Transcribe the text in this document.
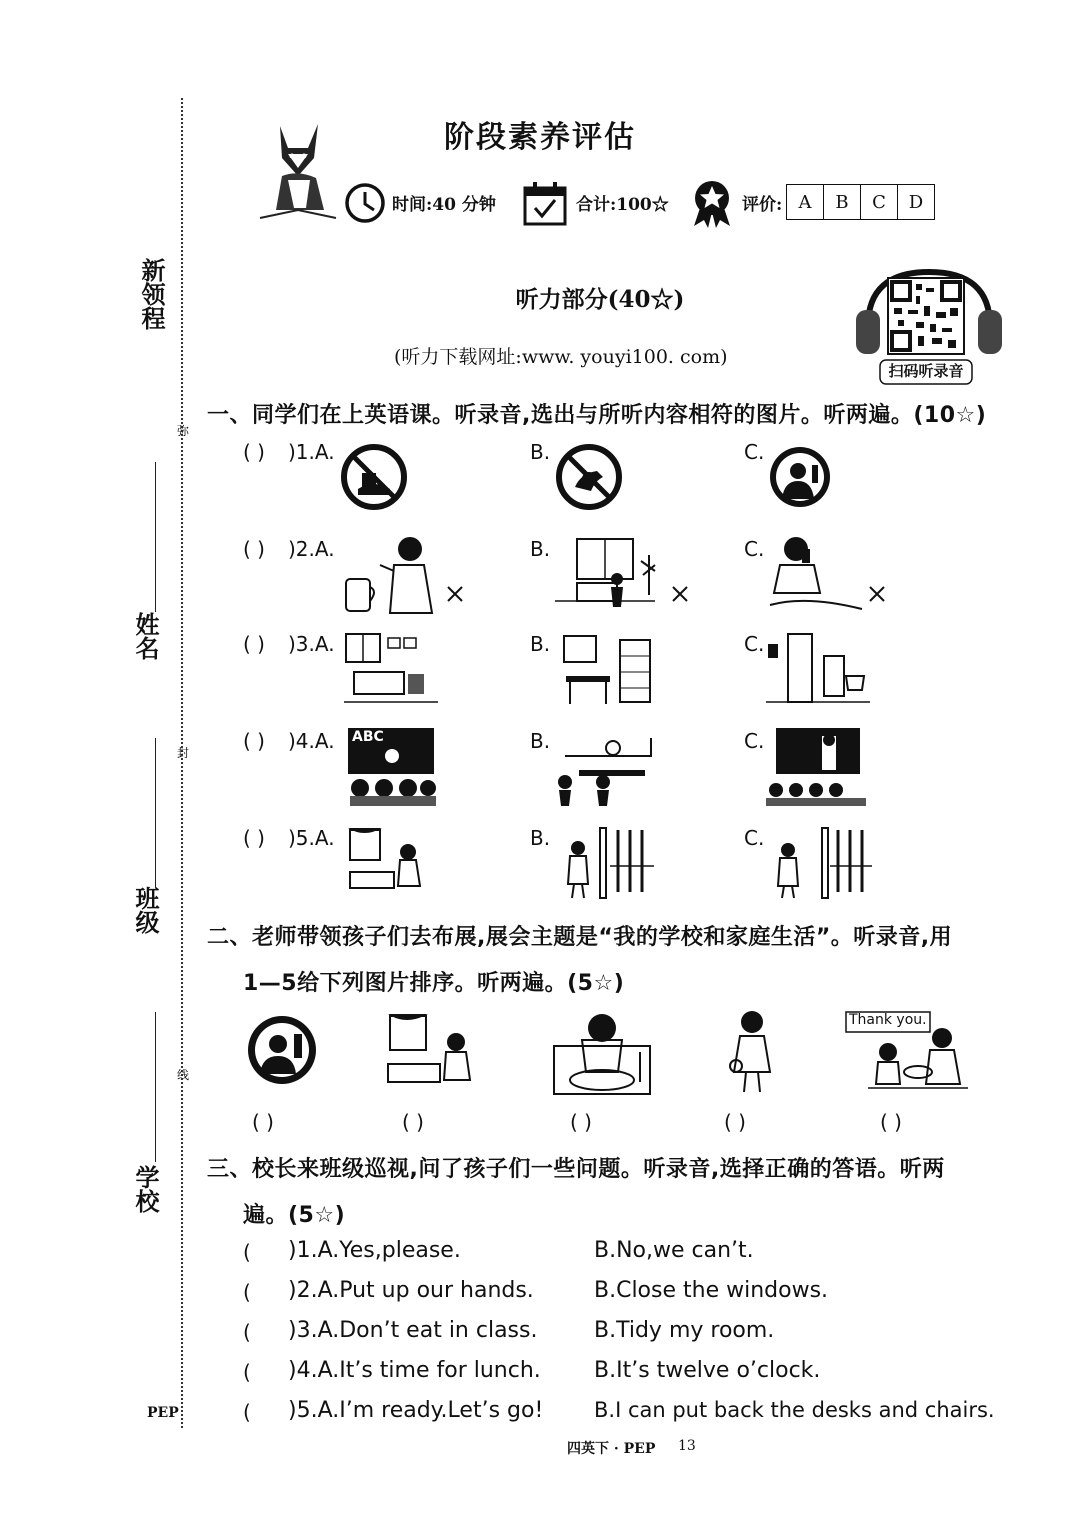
新领程
弥
姓名
封
班级
线
学校
PEP
阶段素养评估
时间:40 分钟	合计:100☆	评价: A	B	C	D
听力部分(40☆)
(听力下载网址:www. youyi100. com)
扫码听录音
一、同学们在上英语课。听录音,选出与所听内容相符的图片。听两遍。(10☆)
( ) )1.A.	B.	C.
( ) )2.A.	B.	C.
( ) )3.A.	B.	C.
( ) )4.A.	B.	C.
ABC
( ) )5.A.	B.	C.
二、老师带领孩子们去布展,展会主题是“我的学校和家庭生活”。听录音,用
1—5给下列图片排序。听两遍。(5☆)
Thank you.
( )	( )	( )	( )	( )
三、校长来班级巡视,问了孩子们一些问题。听录音,选择正确的答语。听两
遍。(5☆)
( )1.A.Yes,please.	B.No,we can’t.
( )2.A.Put up our hands.	B.Close the windows.
( )3.A.Don’t eat in class.	B.Tidy my room.
( )4.A.It’s time for lunch. B.It’s twelve o’clock.
( )5.A.I’m ready.Let’s go! B.I can put back the desks and chairs.
四英下 · PEP 13
